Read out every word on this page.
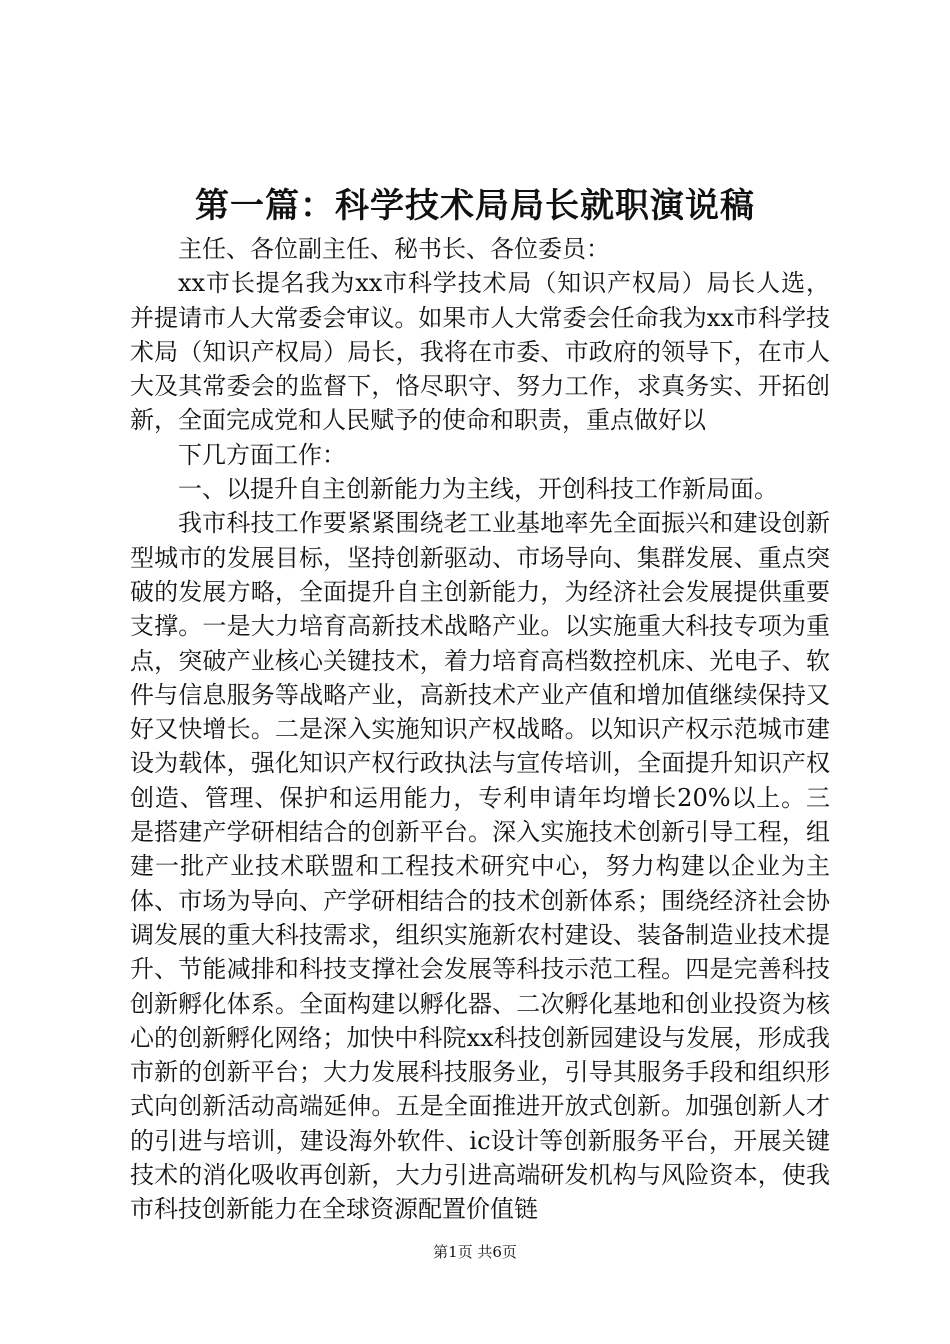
第一篇：科学技术局局长就职演说稿

主任、各位副主任、秘书长、各位委员：

xx市长提名我为xx市科学技术局（知识产权局）局长人选，并提请市人大常委会审议。如果市人大常委会任命我为xx市科学技术局（知识产权局）局长，我将在市委、市政府的领导下，在市人大及其常委会的监督下，恪尽职守、努力工作，求真务实、开拓创新，全面完成党和人民赋予的使命和职责，重点做好以

下几方面工作：

一、以提升自主创新能力为主线，开创科技工作新局面。

我市科技工作要紧紧围绕老工业基地率先全面振兴和建设创新型城市的发展目标，坚持创新驱动、市场导向、集群发展、重点突破的发展方略，全面提升自主创新能力，为经济社会发展提供重要支撑。一是大力培育高新技术战略产业。以实施重大科技专项为重点，突破产业核心关键技术，着力培育高档数控机床、光电子、软件与信息服务等战略产业，高新技术产业产值和增加值继续保持又好又快增长。二是深入实施知识产权战略。以知识产权示范城市建设为载体，强化知识产权行政执法与宣传培训，全面提升知识产权创造、管理、保护和运用能力，专利申请年均增长20%以上。三是搭建产学研相结合的创新平台。深入实施技术创新引导工程，组建一批产业技术联盟和工程技术研究中心，努力构建以企业为主体、市场为导向、产学研相结合的技术创新体系；围绕经济社会协调发展的重大科技需求，组织实施新农村建设、装备制造业技术提升、节能减排和科技支撑社会发展等科技示范工程。四是完善科技创新孵化体系。全面构建以孵化器、二次孵化基地和创业投资为核心的创新孵化网络；加快中科院xx科技创新园建设与发展，形成我市新的创新平台；大力发展科技服务业，引导其服务手段和组织形式向创新活动高端延伸。五是全面推进开放式创新。加强创新人才的引进与培训，建设海外软件、ic设计等创新服务平台，开展关键技术的消化吸收再创新，大力引进高端研发机构与风险资本，使我市科技创新能力在全球资源配置价值链

第1页 共6页
